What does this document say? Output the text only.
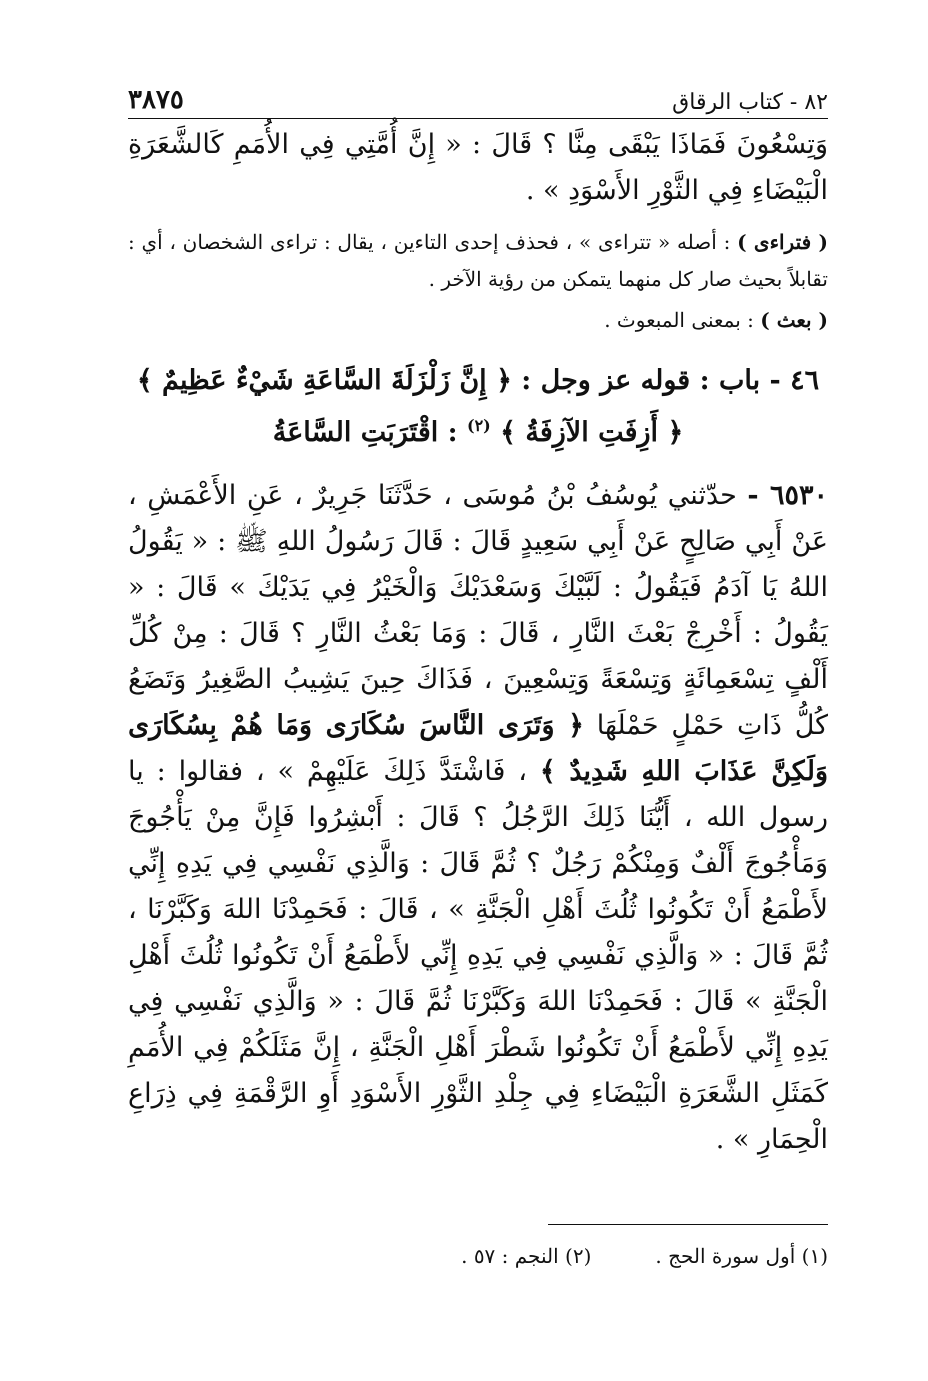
٨٢ - كتاب الرقاق
٣٨٧٥

وَتِسْعُونَ فَمَاذَا يَبْقَى مِنَّا ؟ قَالَ : « إِنَّ أُمَّتِي فِي الأُمَمِ كَالشَّعَرَةِ الْبَيْضَاءِ فِي الثَّوْرِ الأَسْوَدِ » .

( فتراءى ) : أصله « تتراءى » ، فحذف إحدى التاءين ، يقال : تراءى الشخصان ، أي : تقابلاً بحيث صار كل منهما يتمكن من رؤية الآخر .

( بعث ) : بمعنى المبعوث .

٤٦ - باب : قوله عز وجل : ﴿ إِنَّ زَلْزَلَةَ السَّاعَةِ شَيْءٌ عَظِيمٌ ﴾

﴿ أَزِفَتِ الآزِفَةُ ﴾ $^{(٢)}$ : اقْتَرَبَتِ السَّاعَةُ

٦٥٣٠ - حدّثني يُوسُفُ بْنُ مُوسَى ، حَدَّثَنَا جَرِيرٌ ، عَنِ الأَعْمَشِ ، عَنْ أَبِي صَالِحٍ عَنْ أَبِي سَعِيدٍ قَالَ : قَالَ رَسُولُ اللهِ ﷺ : « يَقُولُ اللهُ يَا آدَمُ فَيَقُولُ : لَبَّيْكَ وَسَعْدَيْكَ وَالْخَيْرُ فِي يَدَيْكَ » قَالَ : « يَقُولُ : أَخْرِجْ بَعْثَ النَّارِ ، قَالَ : وَمَا بَعْثُ النَّارِ ؟ قَالَ : مِنْ كُلِّ أَلْفٍ تِسْعَمِائَةٍ وَتِسْعَةً وَتِسْعِينَ ، فَذَاكَ حِينَ يَشِيبُ الصَّغِيرُ وَتَضَعُ كُلُّ ذَاتِ حَمْلٍ حَمْلَهَا ﴿ وَتَرَى النَّاسَ سُكَارَى وَمَا هُمْ بِسُكَارَى وَلَكِنَّ عَذَابَ اللهِ شَدِيدٌ ﴾ ، فَاشْتَدَّ ذَلِكَ عَلَيْهِمْ » ، فقالوا : يا رسول الله ، أَيُّنَا ذَلِكَ الرَّجُلُ ؟ قَالَ : أَبْشِرُوا فَإِنَّ مِنْ يَأْجُوجَ وَمَأْجُوجَ أَلْفٌ وَمِنْكُمْ رَجُلٌ ؟ ثُمَّ قَالَ : وَالَّذِي نَفْسِي فِي يَدِهِ إِنِّي لأَطْمَعُ أَنْ تَكُونُوا ثُلُثَ أَهْلِ الْجَنَّةِ » ، قَالَ : فَحَمِدْنَا اللهَ وَكَبَّرْنَا ، ثُمَّ قَالَ : « وَالَّذِي نَفْسِي فِي يَدِهِ إِنِّي لأَطْمَعُ أَنْ تَكُونُوا ثُلُثَ أَهْلِ الْجَنَّةِ » قَالَ : فَحَمِدْنَا اللهَ وَكَبَّرْنَا ثُمَّ قَالَ : « وَالَّذِي نَفْسِي فِي يَدِهِ إِنِّي لأَطْمَعُ أَنْ تَكُونُوا شَطْرَ أَهْلِ الْجَنَّةِ ، إِنَّ مَثَلَكُمْ فِي الأُمَمِ كَمَثَلِ الشَّعَرَةِ الْبَيْضَاءِ فِي جِلْدِ الثَّوْرِ الأَسْوَدِ أَوِ الرَّقْمَةِ فِي ذِرَاعِ الْحِمَارِ » .

(١) أول سورة الحج .
(٢) النجم : ٥٧ .
